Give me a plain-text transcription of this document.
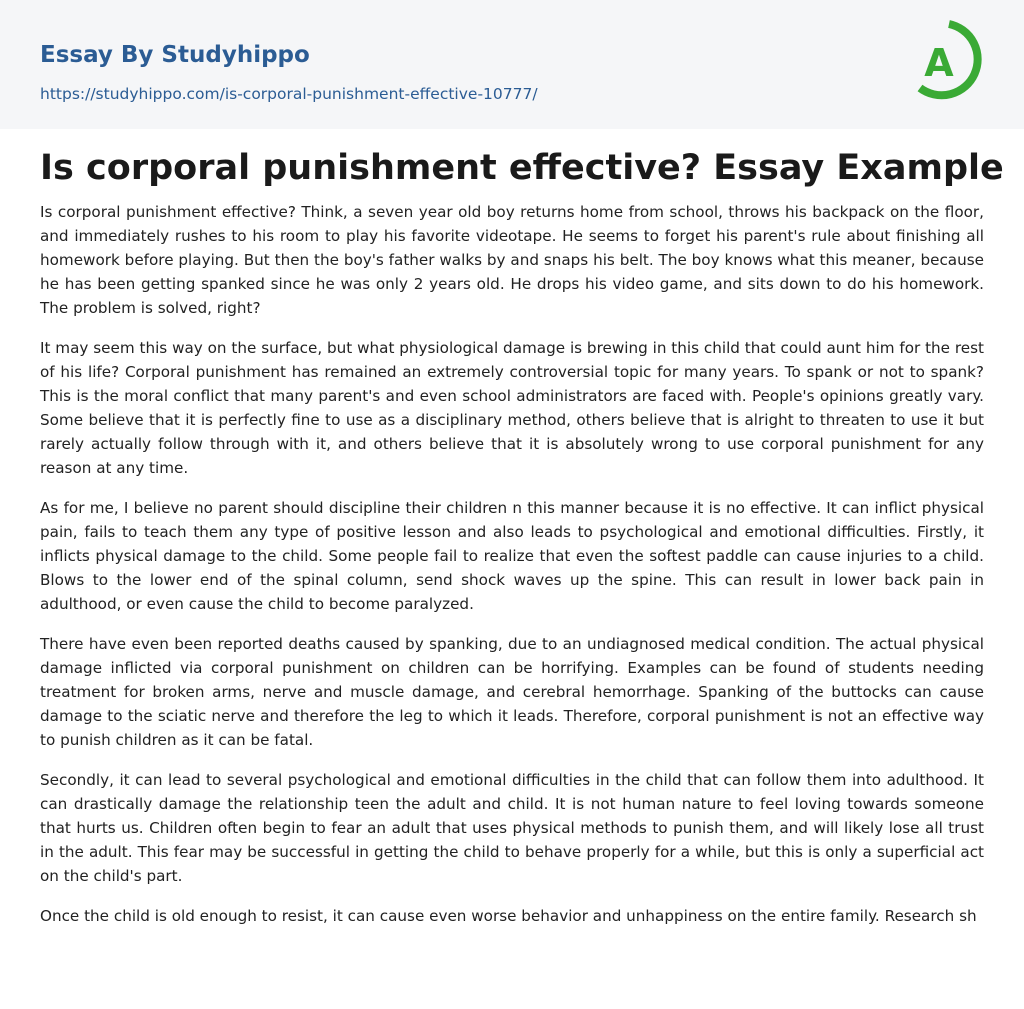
Essay By Studyhippo
https://studyhippo.com/is-corporal-punishment-effective-10777/
A
Is corporal punishment effective? Essay Example

Is corporal punishment effective? Think, a seven year old boy returns home from school, throws his backpack on the floor, and immediately rushes to his room to play his favorite videotape. He seems to forget his parent's rule about finishing all homework before playing. But then the boy's father walks by and snaps his belt. The boy knows what this meaner, because he has been getting spanked since he was only 2 years old. He drops his video game, and sits down to do his homework. The problem is solved, right?

It may seem this way on the surface, but what physiological damage is brewing in this child that could aunt him for the rest of his life? Corporal punishment has remained an extremely controversial topic for many years. To spank or not to spank? This is the moral conflict that many parent's and even school administrators are faced with. People's opinions greatly vary. Some believe that it is perfectly fine to use as a disciplinary method, others believe that is alright to threaten to use it but rarely actually follow through with it, and others believe that it is absolutely wrong to use corporal punishment for any reason at any time.

As for me, I believe no parent should discipline their children n this manner because it is no effective. It can inflict physical pain, fails to teach them any type of positive lesson and also leads to psychological and emotional difficulties. Firstly, it inflicts physical damage to the child. Some people fail to realize that even the softest paddle can cause injuries to a child. Blows to the lower end of the spinal column, send shock waves up the spine. This can result in lower back pain in adulthood, or even cause the child to become paralyzed.

There have even been reported deaths caused by spanking, due to an undiagnosed medical condition. The actual physical damage inflicted via corporal punishment on children can be horrifying. Examples can be found of students needing treatment for broken arms, nerve and muscle damage, and cerebral hemorrhage. Spanking of the buttocks can cause damage to the sciatic nerve and therefore the leg to which it leads. Therefore, corporal punishment is not an effective way to punish children as it can be fatal.

Secondly, it can lead to several psychological and emotional difficulties in the child that can follow them into adulthood. It can drastically damage the relationship teen the adult and child. It is not human nature to feel loving towards someone that hurts us. Children often begin to fear an adult that uses physical methods to punish them, and will likely lose all trust in the adult. This fear may be successful in getting the child to behave properly for a while, but this is only a superficial act on the child's part.

Once the child is old enough to resist, it can cause even worse behavior and unhappiness on the entire family. Research sh
